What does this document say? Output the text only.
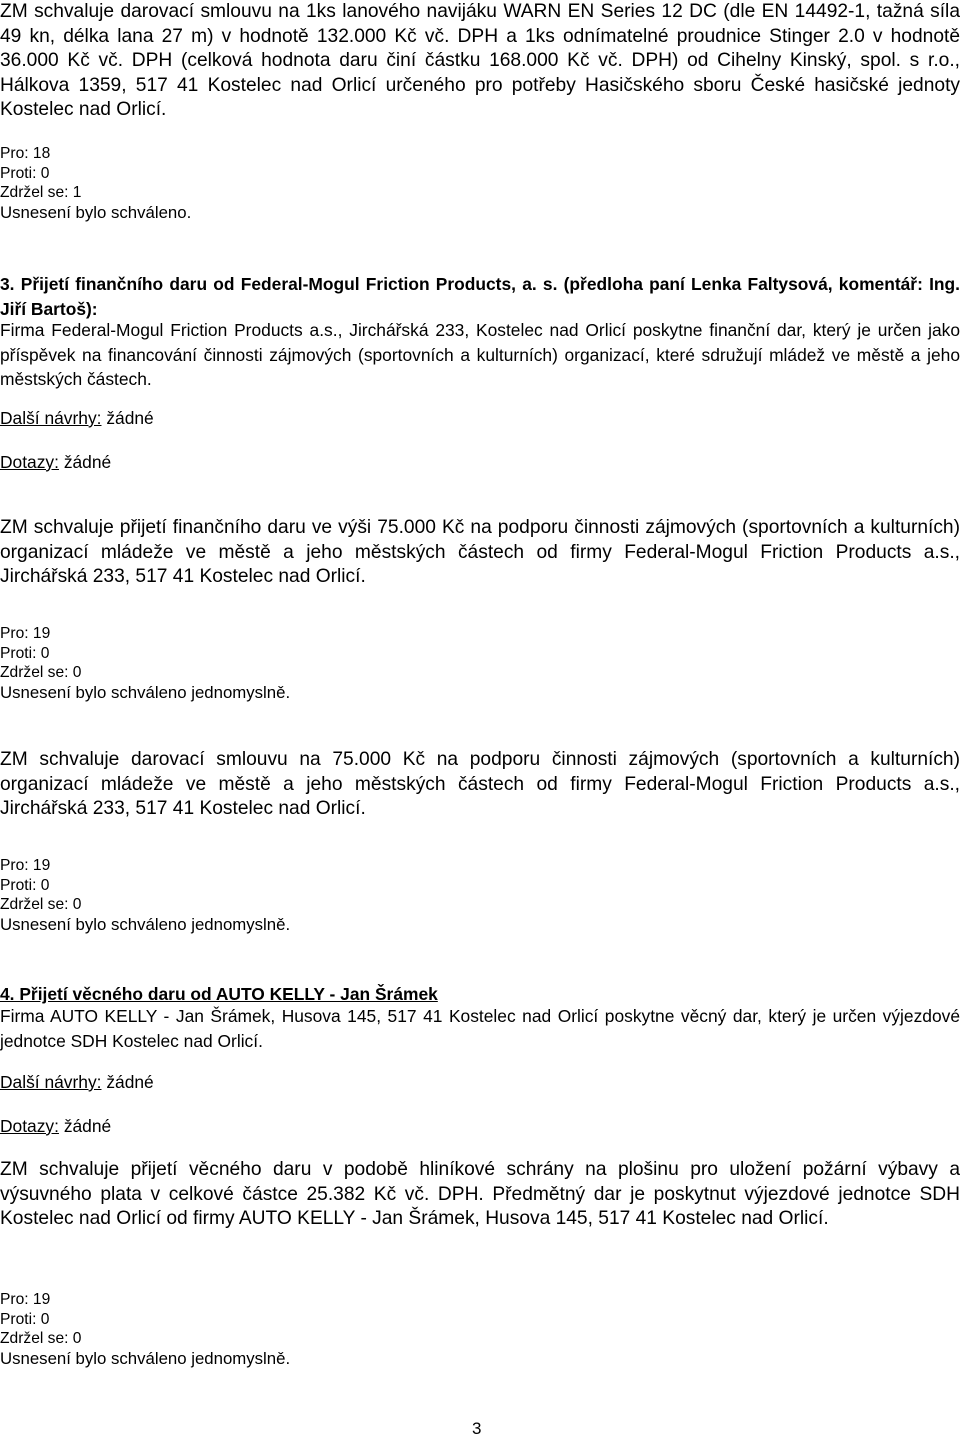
ZM schvaluje darovací smlouvu na 1ks lanového navijáku WARN EN Series 12 DC (dle EN 14492-1, tažná síla 49 kn, délka lana 27 m) v hodnotě 132.000 Kč vč. DPH a 1ks odnímatelné proudnice Stinger 2.0 v hodnotě 36.000 Kč vč. DPH (celková hodnota daru činí částku 168.000 Kč vč. DPH) od Cihelny Kinský, spol. s r.o., Hálkova 1359, 517 41 Kostelec nad Orlicí určeného pro potřeby Hasičského sboru České hasičské jednoty Kostelec nad Orlicí.

Pro: 18

Proti: 0

Zdržel se: 1

Usnesení bylo schváleno.

3. Přijetí finančního daru od Federal-Mogul Friction Products, a. s. (předloha paní Lenka Faltysová, komentář: Ing. Jiří Bartoš):

Firma Federal-Mogul Friction Products a.s., Jirchářská 233, Kostelec nad Orlicí poskytne finanční dar, který je určen jako příspěvek na financování činnosti zájmových (sportovních a kulturních) organizací, které sdružují mládež ve městě a jeho městských částech.

Další návrhy: žádné

Dotazy: žádné

ZM schvaluje přijetí finančního daru ve výši 75.000 Kč na podporu činnosti zájmových (sportovních a kulturních) organizací mládeže ve městě a jeho městských částech od firmy Federal-Mogul Friction Products a.s., Jirchářská 233, 517 41 Kostelec nad Orlicí.

Pro: 19

Proti: 0

Zdržel se: 0

Usnesení bylo schváleno jednomyslně.

ZM schvaluje darovací smlouvu na 75.000 Kč na podporu činnosti zájmových (sportovních a kulturních) organizací mládeže ve městě a jeho městských částech od firmy Federal-Mogul Friction Products a.s., Jirchářská 233, 517 41 Kostelec nad Orlicí.

Pro: 19

Proti: 0

Zdržel se: 0

Usnesení bylo schváleno jednomyslně.

4. Přijetí věcného daru od AUTO KELLY - Jan Šrámek

Firma AUTO KELLY - Jan Šrámek, Husova 145, 517 41 Kostelec nad Orlicí poskytne věcný dar, který je určen výjezdové jednotce SDH Kostelec nad Orlicí.

Další návrhy: žádné

Dotazy: žádné

ZM schvaluje přijetí věcného daru v podobě hliníkové schrány na plošinu pro uložení požární výbavy a výsuvného plata v celkové částce 25.382 Kč vč. DPH. Předmětný dar je poskytnut výjezdové jednotce SDH Kostelec nad Orlicí od firmy AUTO KELLY - Jan Šrámek, Husova 145, 517 41 Kostelec nad Orlicí.

Pro: 19

Proti: 0

Zdržel se: 0

Usnesení bylo schváleno jednomyslně.

3
